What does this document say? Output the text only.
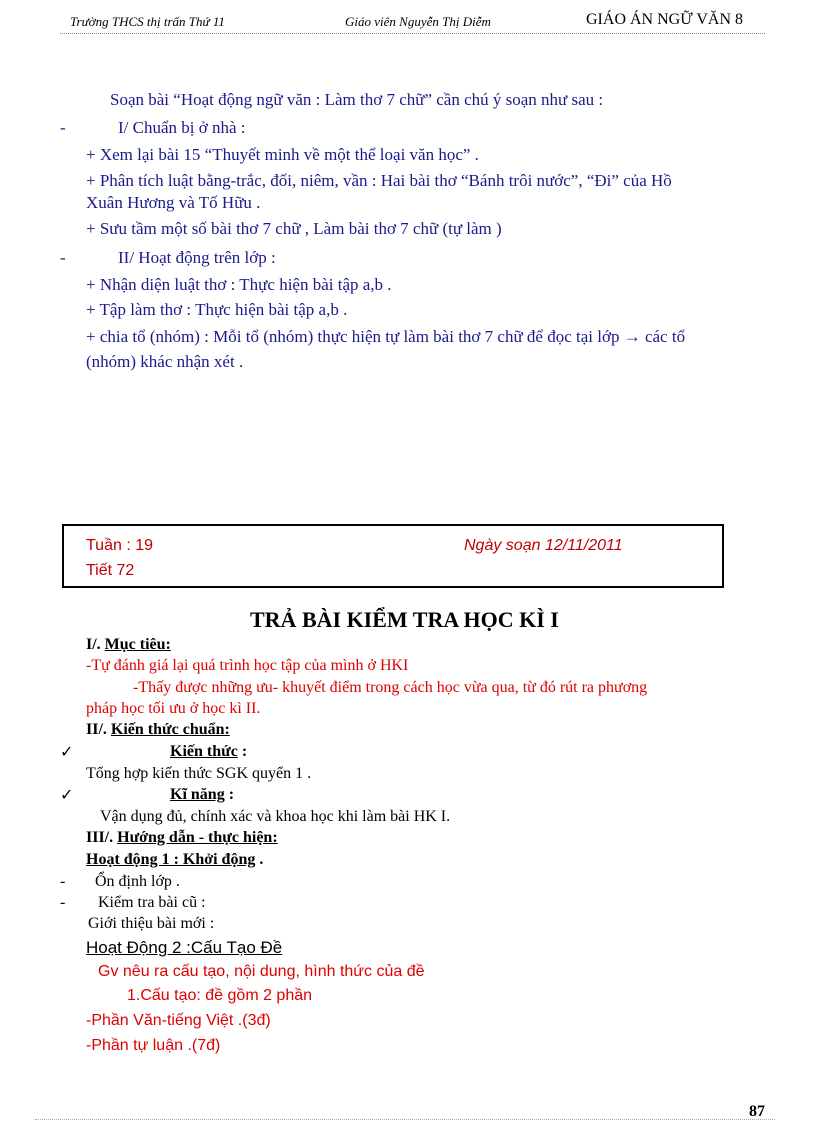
Trường THCS thị trấn Thứ 11	Giáo viên Nguyễn Thị Diễm	GIÁO ÁN NGỮ VĂN 8
Soạn bài “Hoạt động ngữ văn : Làm thơ 7 chữ” cần chú ý soạn như sau :
-	I/ Chuẩn bị ở nhà :
+ Xem lại bài 15 “Thuyết minh về một thể loại văn học” .
+ Phân tích luật bằng-trắc, đối, niêm, vần : Hai bài thơ “Bánh trôi nước”, “Đi” của Hồ
Xuân Hương và Tố Hữu .
+ Sưu tầm một số bài thơ 7 chữ , Làm bài thơ 7 chữ (tự làm )
-	II/ Hoạt động trên lớp :
+ Nhận diện luật thơ : Thực hiện bài tập a,b .
+ Tập làm thơ : Thực hiện bài tập a,b .
+ chia tổ (nhóm) : Mỗi tổ (nhóm) thực hiện tự làm bài thơ 7 chữ để đọc tại lớp → các tổ
(nhóm) khác nhận xét .
Tuần : 19
Tiết 72
Ngày soạn 12/11/2011
TRẢ BÀI KIỂM TRA HỌC KÌ I
I/. Mục tiêu:
-Tự đánh giá lại quá trình học tập của mình ở HKI
-Thấy được những ưu- khuyết điểm trong cách học vừa qua, từ đó rút ra phương
pháp học tối ưu ở học kì II.
II/. Kiến thức chuẩn:
✓	Kiến thức :
Tổng hợp kiến thức SGK quyển 1 .
✓	Kĩ năng :
Vận dụng đủ, chính xác và khoa học khi làm bài HK I.
III/. Hướng dẫn - thực hiện:
Hoạt động 1 : Khởi động .
- Ổn định lớp .
- Kiểm tra bài cũ :
Giới thiệu bài mới :
Hoạt Động 2 :Cấu Tạo Đề
Gv nêu ra cấu tạo, nội dung, hình thức của đề
1.Cấu tạo: đề gồm 2 phần
-Phần Văn-tiếng Việt .(3đ)
-Phần tự luận .(7đ)
87
